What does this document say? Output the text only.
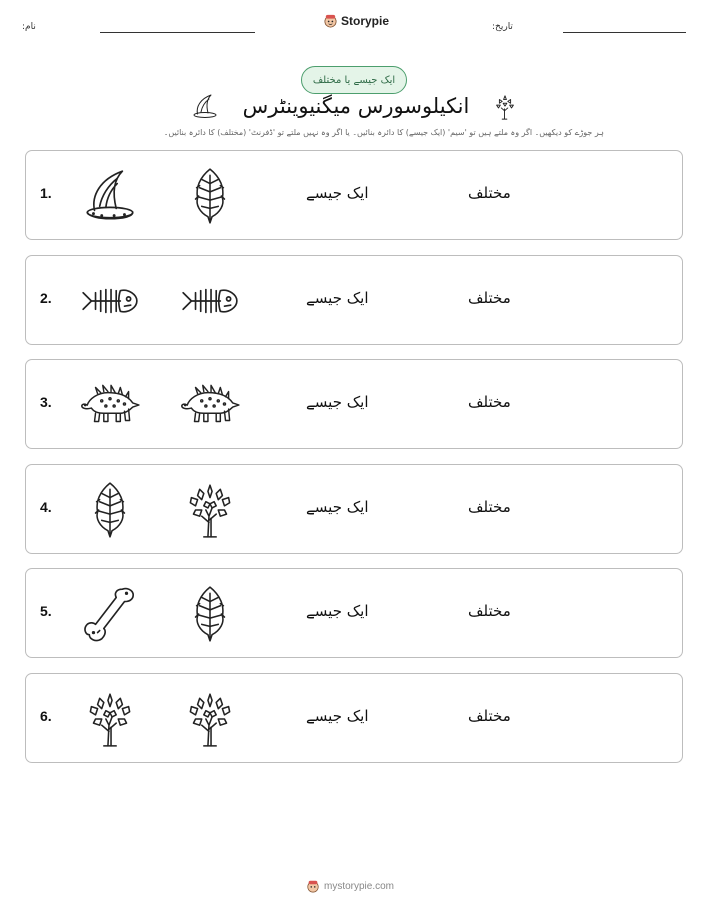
نام:	Storypie	تاریخ:
ایک جیسے یا مختلف
انکیلوسورس میگنیوینٹرس
ہر جوڑے کو دیکھیں۔ اگر وہ ملتے ہیں تو 'سیم' (ایک جیسے) کا دائرہ بنائیں۔ یا اگر وہ نہیں ملتے تو 'ڈفرنٹ' (مختلف) کا دائرہ بنائیں۔
1.	ایک جیسے	مختلف
2.	ایک جیسے	مختلف
3.	ایک جیسے	مختلف
4.	ایک جیسے	مختلف
5.	ایک جیسے	مختلف
6.	ایک جیسے	مختلف
mystorypie.com
